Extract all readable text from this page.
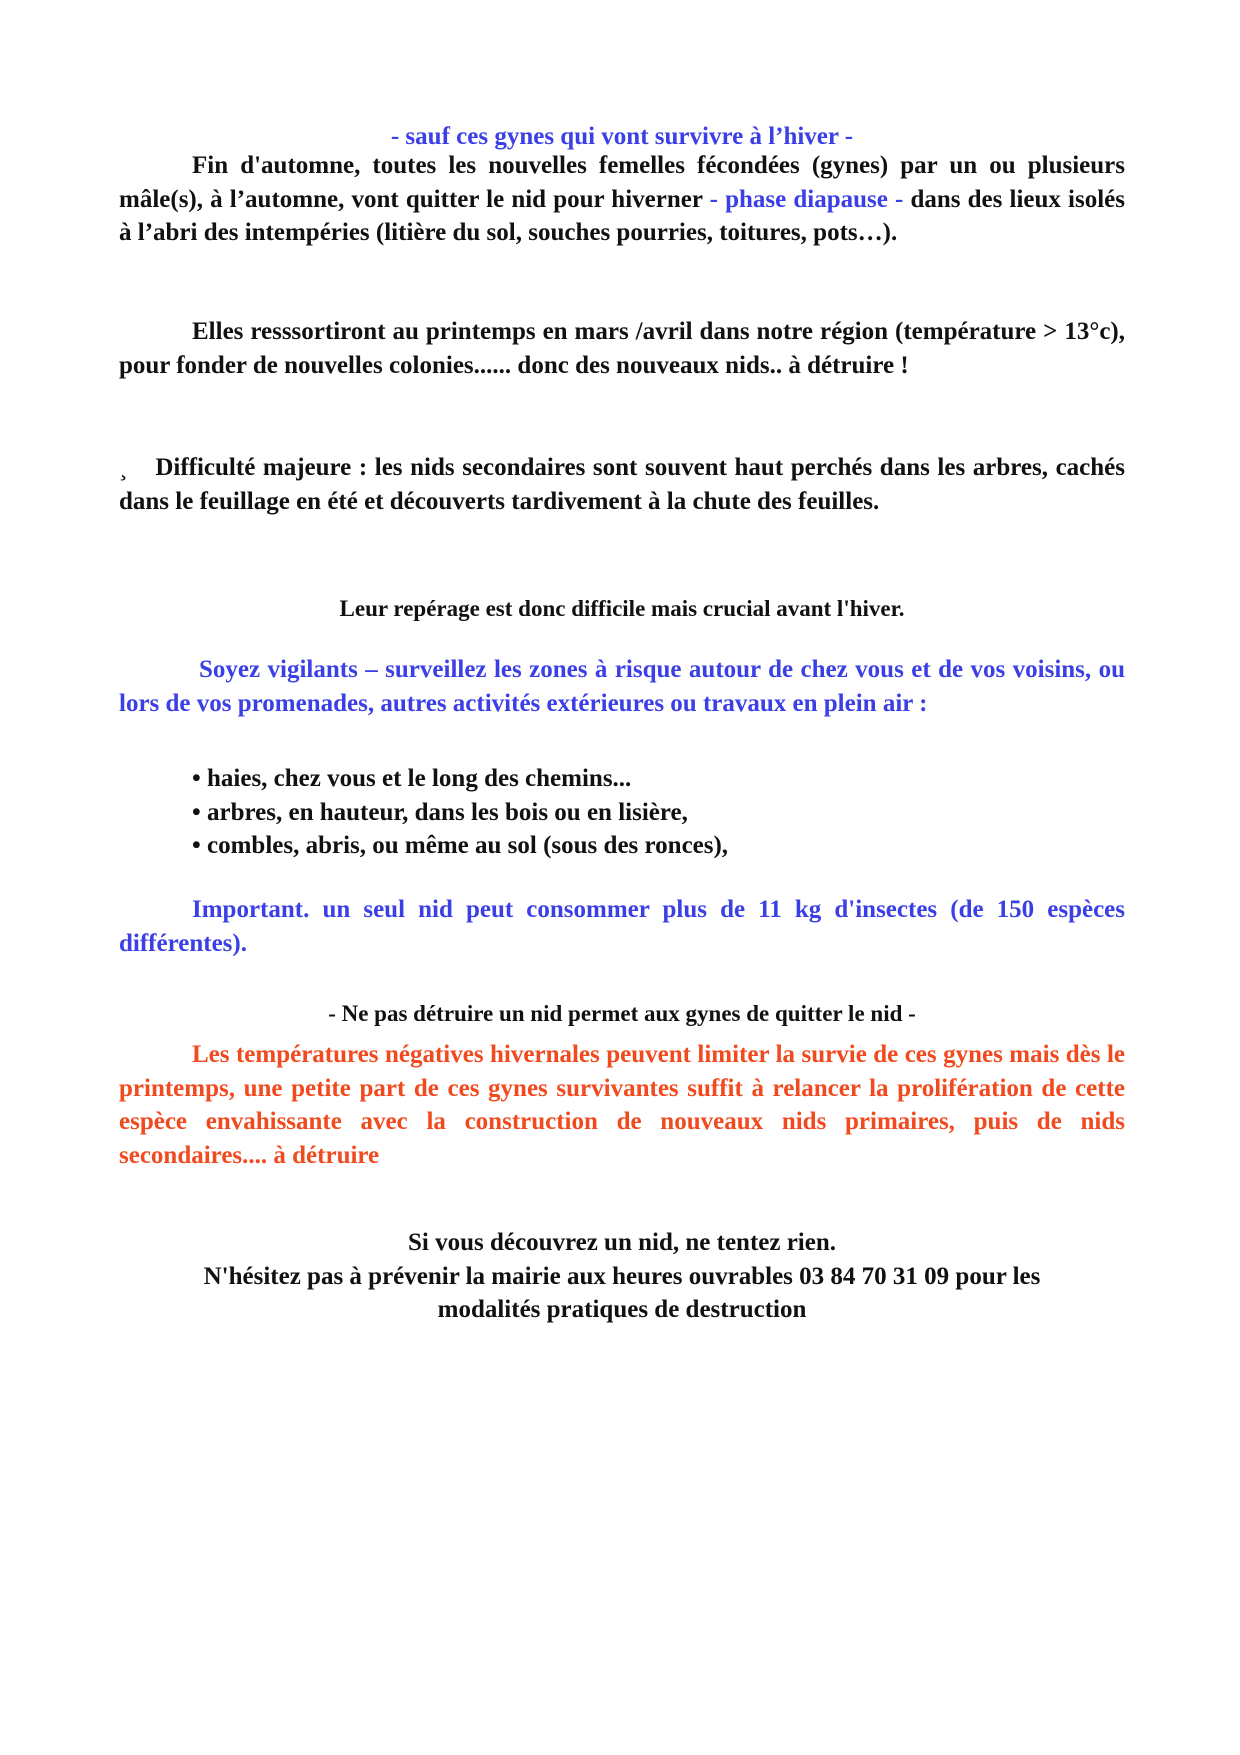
- sauf ces gynes qui vont survivre à l’hiver -

Fin d'automne, toutes les nouvelles femelles fécondées (gynes) par un ou plusieurs mâle(s), à l’automne, vont quitter le nid pour hiverner - phase diapause - dans des lieux isolés à l’abri des intempéries (litière du sol, souches pourries, toitures, pots…).

Elles resssortiront au printemps en mars /avril dans notre région (température > 13°c), pour fonder de nouvelles colonies...... donc des nouveaux nids.. à détruire !

¸ Difficulté majeure : les nids secondaires sont souvent haut perchés dans les arbres, cachés dans le feuillage en été et découverts tardivement à la chute des feuilles.

Leur repérage est donc difficile mais crucial avant l'hiver.

Soyez vigilants – surveillez les zones à risque autour de chez vous et de vos voisins, ou lors de vos promenades, autres activités extérieures ou travaux en plein air :

• haies, chez vous et le long des chemins...
• arbres, en hauteur, dans les bois ou en lisière,
• combles, abris, ou même au sol (sous des ronces),

Important. un seul nid peut consommer plus de 11 kg d'insectes (de 150 espèces différentes).

- Ne pas détruire un nid permet aux gynes de quitter le nid -

Les températures négatives hivernales peuvent limiter la survie de ces gynes mais dès le printemps, une petite part de ces gynes survivantes suffit à relancer la prolifération de cette espèce envahissante avec la construction de nouveaux nids primaires, puis de nids secondaires.... à détruire

Si vous découvrez un nid, ne tentez rien.

N'hésitez pas à prévenir la mairie aux heures ouvrables 03 84 70 31 09 pour les

modalités pratiques de destruction
